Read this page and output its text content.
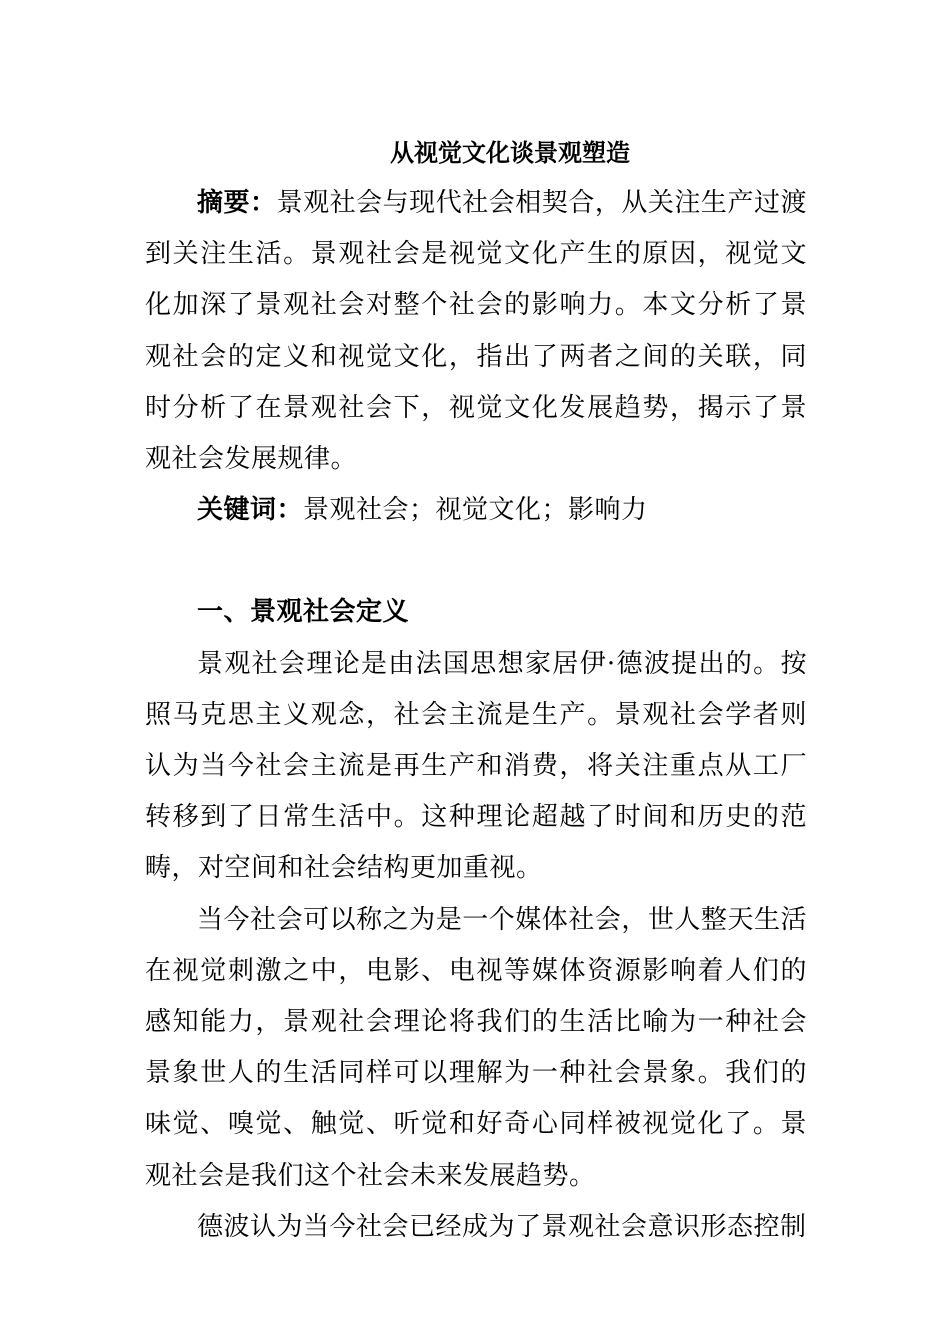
从视觉文化谈景观塑造

摘要：景观社会与现代社会相契合，从关注生产过渡到关注生活。景观社会是视觉文化产生的原因，视觉文化加深了景观社会对整个社会的影响力。本文分析了景观社会的定义和视觉文化，指出了两者之间的关联，同时分析了在景观社会下，视觉文化发展趋势，揭示了景观社会发展规律。

关键词：景观社会；视觉文化；影响力

一、景观社会定义

景观社会理论是由法国思想家居伊·德波提出的。按照马克思主义观念，社会主流是生产。景观社会学者则认为当今社会主流是再生产和消费，将关注重点从工厂转移到了日常生活中。这种理论超越了时间和历史的范畴，对空间和社会结构更加重视。

当今社会可以称之为是一个媒体社会，世人整天生活在视觉刺激之中，电影、电视等媒体资源影响着人们的感知能力，景观社会理论将我们的生活比喻为一种社会景象世人的生活同样可以理解为一种社会景象。我们的味觉、嗅觉、触觉、听觉和好奇心同样被视觉化了。景观社会是我们这个社会未来发展趋势。

德波认为当今社会已经成为了景观社会意识形态控制
